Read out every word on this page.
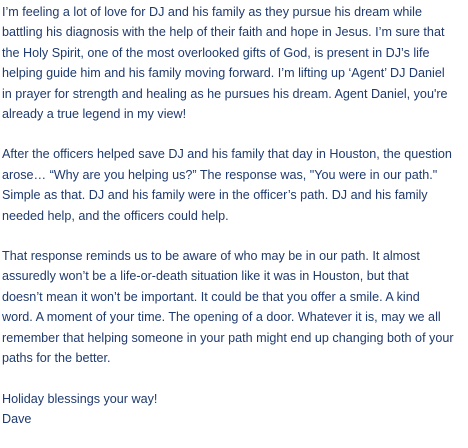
I’m feeling a lot of love for DJ and his family as they pursue his dream while
battling his diagnosis with the help of their faith and hope in Jesus. I’m sure that
the Holy Spirit, one of the most overlooked gifts of God, is present in DJ’s life
helping guide him and his family moving forward. I’m lifting up ‘Agent’ DJ Daniel
in prayer for strength and healing as he pursues his dream. Agent Daniel, you're
already a true legend in my view!

After the officers helped save DJ and his family that day in Houston, the question
arose… “Why are you helping us?” The response was, "You were in our path."
Simple as that. DJ and his family were in the officer’s path. DJ and his family
needed help, and the officers could help.

That response reminds us to be aware of who may be in our path. It almost
assuredly won’t be a life-or-death situation like it was in Houston, but that
doesn’t mean it won’t be important. It could be that you offer a smile. A kind
word. A moment of your time. The opening of a door. Whatever it is, may we all
remember that helping someone in your path might end up changing both of your
paths for the better.

Holiday blessings your way!
Dave
